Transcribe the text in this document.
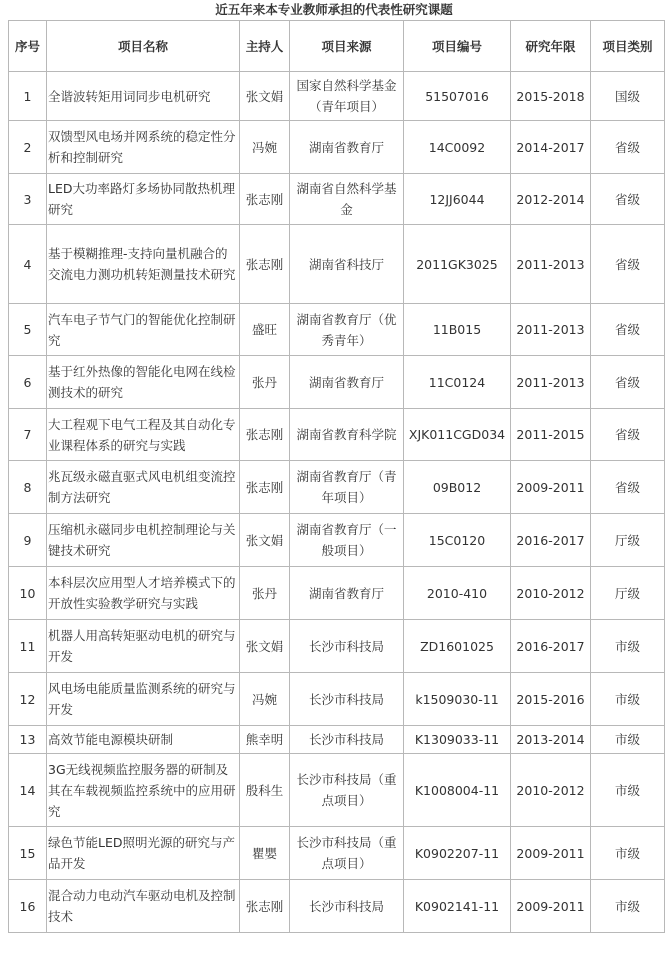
近五年来本专业教师承担的代表性研究课题
序号	项目名称	主持人	项目来源	项目编号	研究年限	项目类别
1	全谐波转矩用词同步电机研究	张文娟	国家自然科学基金（青年项目）	51507016	2015-2018	国级
2	双馈型风电场并网系统的稳定性分析和控制研究	冯婉	湖南省教育厅	14C0092	2014-2017	省级
3	LED大功率路灯多场协同散热机理研究	张志刚	湖南省自然科学基金	12JJ6044	2012-2014	省级
4	基于模糊推理-支持向量机融合的交流电力测功机转矩测量技术研究	张志刚	湖南省科技厅	2011GK3025	2011-2013	省级
5	汽车电子节气门的智能优化控制研究	盛旺	湖南省教育厅（优秀青年）	11B015	2011-2013	省级
6	基于红外热像的智能化电网在线检测技术的研究	张丹	湖南省教育厅	11C0124	2011-2013	省级
7	大工程观下电气工程及其自动化专业课程体系的研究与实践	张志刚	湖南省教育科学院	XJK011CGD034	2011-2015	省级
8	兆瓦级永磁直驱式风电机组变流控制方法研究	张志刚	湖南省教育厅（青年项目）	09B012	2009-2011	省级
9	压缩机永磁同步电机控制理论与关键技术研究	张文娟	湖南省教育厅（一般项目）	15C0120	2016-2017	厅级
10	本科层次应用型人才培养模式下的开放性实验教学研究与实践	张丹	湖南省教育厅	2010-410	2010-2012	厅级
11	机器人用高转矩驱动电机的研究与开发	张文娟	长沙市科技局	ZD1601025	2016-2017	市级
12	风电场电能质量监测系统的研究与开发	冯婉	长沙市科技局	k1509030-11	2015-2016	市级
13	高效节能电源模块研制	熊幸明	长沙市科技局	K1309033-11	2013-2014	市级
14	3G无线视频监控服务器的研制及其在车载视频监控系统中的应用研究	殷科生	长沙市科技局（重点项目）	K1008004-11	2010-2012	市级
15	绿色节能LED照明光源的研究与产品开发	瞿嬰	长沙市科技局（重点项目）	K0902207-11	2009-2011	市级
16	混合动力电动汽车驱动电机及控制技术	张志刚	长沙市科技局	K0902141-11	2009-2011	市级
